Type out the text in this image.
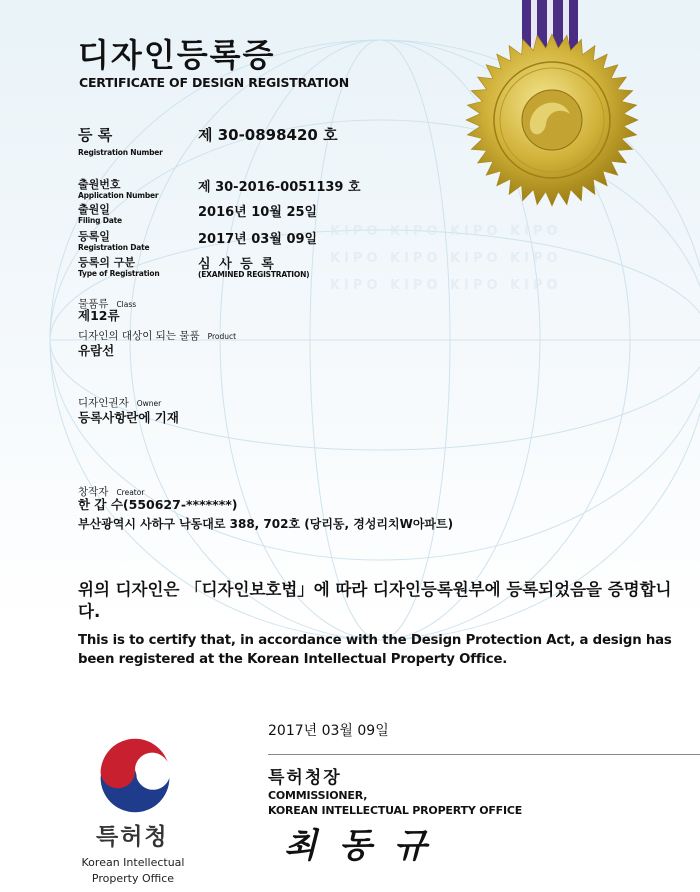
KIPO KIPO KIPO KIPO
KIPO KIPO KIPO KIPO
KIPO KIPO KIPO KIPO
디자인등록증
CERTIFICATE OF DESIGN REGISTRATION
등 록
Registration Number
제 30-0898420 호
출원번호
Application Number
제 30-2016-0051139 호
출원일
Filing Date
2016년 10월 25일
등록일
Registration Date
2017년 03월 09일
등록의 구분
Type of Registration
심 사 등 록
(EXAMINED REGISTRATION)
물품류 Class
제12류
디자인의 대상이 되는 물품 Product
유람선
디자인권자 Owner
등록사항란에 기재
창작자 Creator
한 갑 수(550627-*******)
부산광역시 사하구 낙동대로 388, 702호 (당리동, 경성리치W아파트)
위의 디자인은 「디자인보호법」에 따라 디자인등록원부에 등록되었음을 증명합니다.
This is to certify that, in accordance with the Design Protection Act, a design has been registered at the Korean Intellectual Property Office.
2017년 03월 09일
특허청장
COMMISSIONER,
KOREAN INTELLECTUAL PROPERTY OFFICE
최동규
특허청
Korean Intellectual
Property Office
